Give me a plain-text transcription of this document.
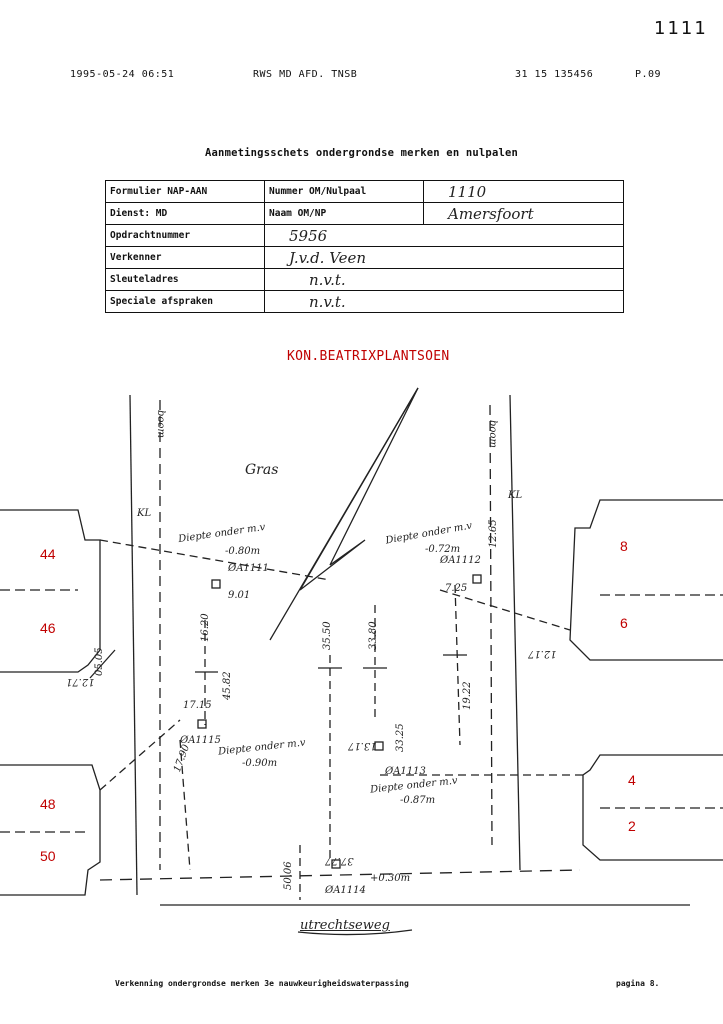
1111
1995-05-24 06:51	RWS MD AFD. TNSB	31 15 135456	P.09
Aanmetingsschets ondergrondse merken en nulpalen
Formulier NAP-AAN	Nummer OM/Nulpaal	1110
Dienst: MD	Naam OM/NP	Amersfoort
Opdrachtnummer	5956	
Verkenner	J.v.d. Veen	
Sleuteladres	n.v.t.	
Speciale afspraken	n.v.t.	
KON.BEATRIXPLANTSOEN
Gras
KL
KL
boom	boom
Diepte onder m.v
-0.80m
Diepte onder m.v
-0.72m
Diepte onder m.v
-0.90m
Diepte onder m.v
-0.87m
ØA1111
ØA1112
ØA1113
ØA1114
ØA1115
9.01
7.25
12.65
16.20	35.50	33.80
45.82	19.22
17.15
13.17 33.25
37.77
50.06
05.05
12.71
12.17
+0.30m
17.90
44
46
48
50
8
6
4
2
utrechtseweg
Verkenning ondergrondse merken 3e nauwkeurigheidswaterpassing	pagina 8.
